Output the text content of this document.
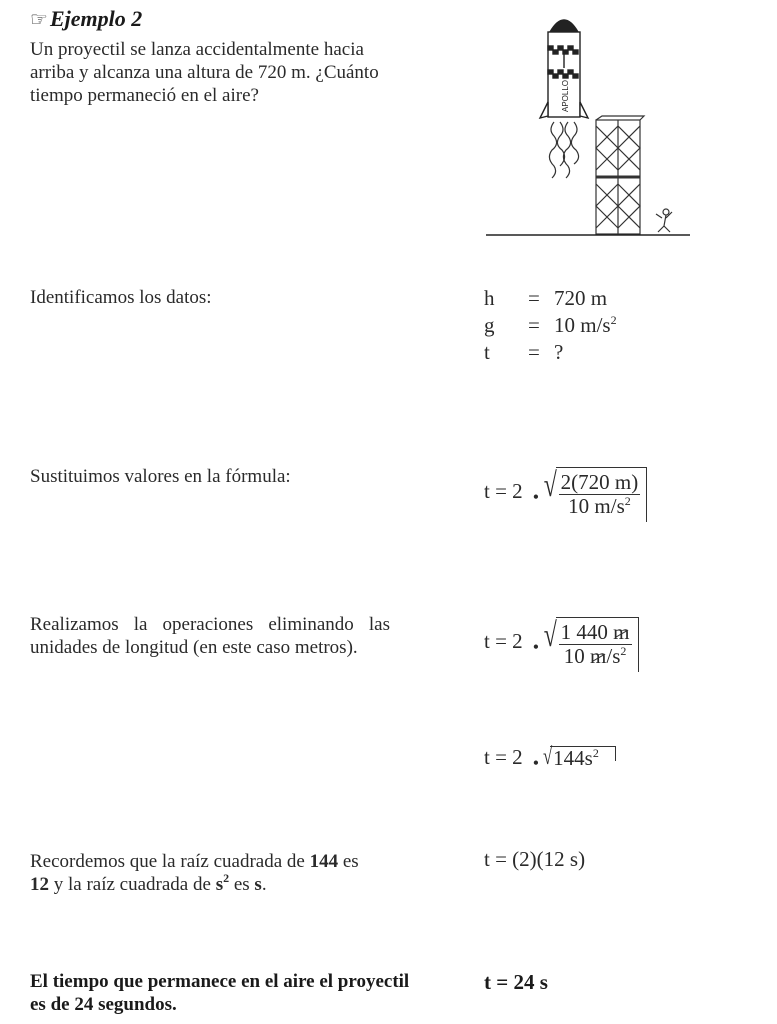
☞Ejemplo 2
Un proyectil se lanza accidentalmente hacia arriba y alcanza una altura de 720 m. ¿Cuánto tiempo permaneció en el aire?	APOLLO
Identificamos los datos:	h = 720 m
g = 10 $m/s^2$
t = ?
Sustituimos valores en la fórmula:
t = 2 • √ $\frac{2(720 m)}{10 m/s^2}$
Realizamos la operaciones eliminando las
unidades de longitud (en este caso metros).	t = 2 • √ $\frac{1 440 m}{10 m/s^2}$
t = 2 • √ $144s^2$
Recordemos que la raíz cuadrada de 144 es
12 y la raíz cuadrada de $s^2$ es s.
t = (2)(12 s)
El tiempo que permanece en el aire el proyectil es de 24 segundos.
t = 24 s
